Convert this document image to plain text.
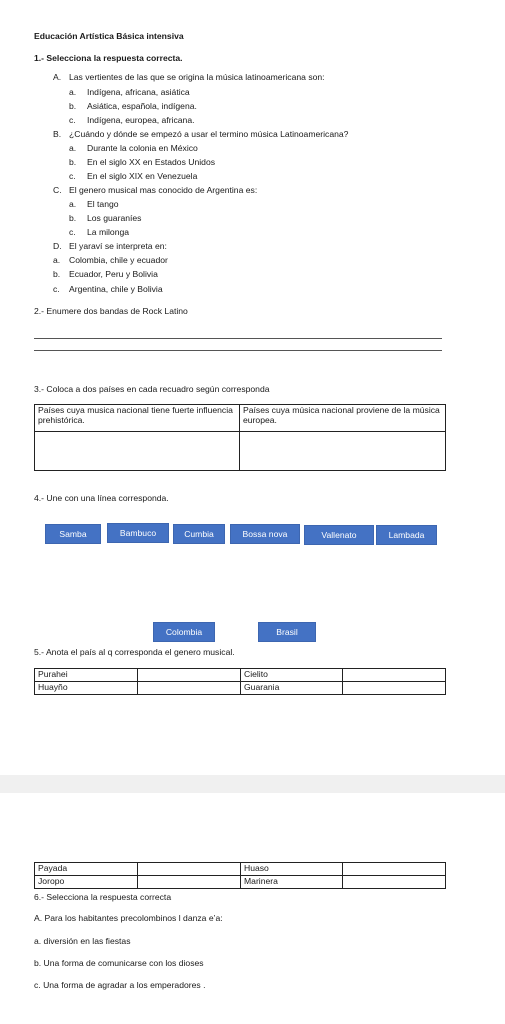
Educación Artística Básica intensiva
1.- Selecciona la respuesta correcta.
A. Las vertientes de las que se origina la música latinoamericana son:
a. Indígena, africana, asiática
b. Asiática, española, indígena.
c. Indígena, europea, africana.
B. ¿Cuándo y dónde se empezó a usar el termino música Latinoamericana?
a. Durante la colonia en México
b. En el siglo XX en Estados Unidos
c. En el siglo XIX en Venezuela
C. El genero musical mas conocido de Argentina es:
a. El tango
b. Los guaraníes
c. La milonga
D. El yaraví se interpreta en:
a. Colombia, chile y ecuador
b. Ecuador, Peru y Bolivia
c. Argentina, chile y Bolivia
2.- Enumere dos bandas de Rock Latino
3.- Coloca a dos países en cada recuadro según corresponda
Países cuya musica nacional tiene fuerte influencia prehistórica.	Países cuya música nacional proviene de la música europea.

4.- Une con una línea corresponda.
Samba	Bambuco	Cumbia	Bossa nova	Vallenato	Lambada
Colombia	Brasil
5.- Anota el país al q corresponda el genero musical.
Purahei		Cielito	
Huayño		Guarania	
Payada		Huaso	
Joropo		Marinera	
6.- Selecciona la respuesta correcta
A. Para los habitantes precolombinos l danza e’a:
a. diversión en las fiestas
b. Una forma de comunicarse con los dioses
c. Una forma de agradar a los emperadores .
